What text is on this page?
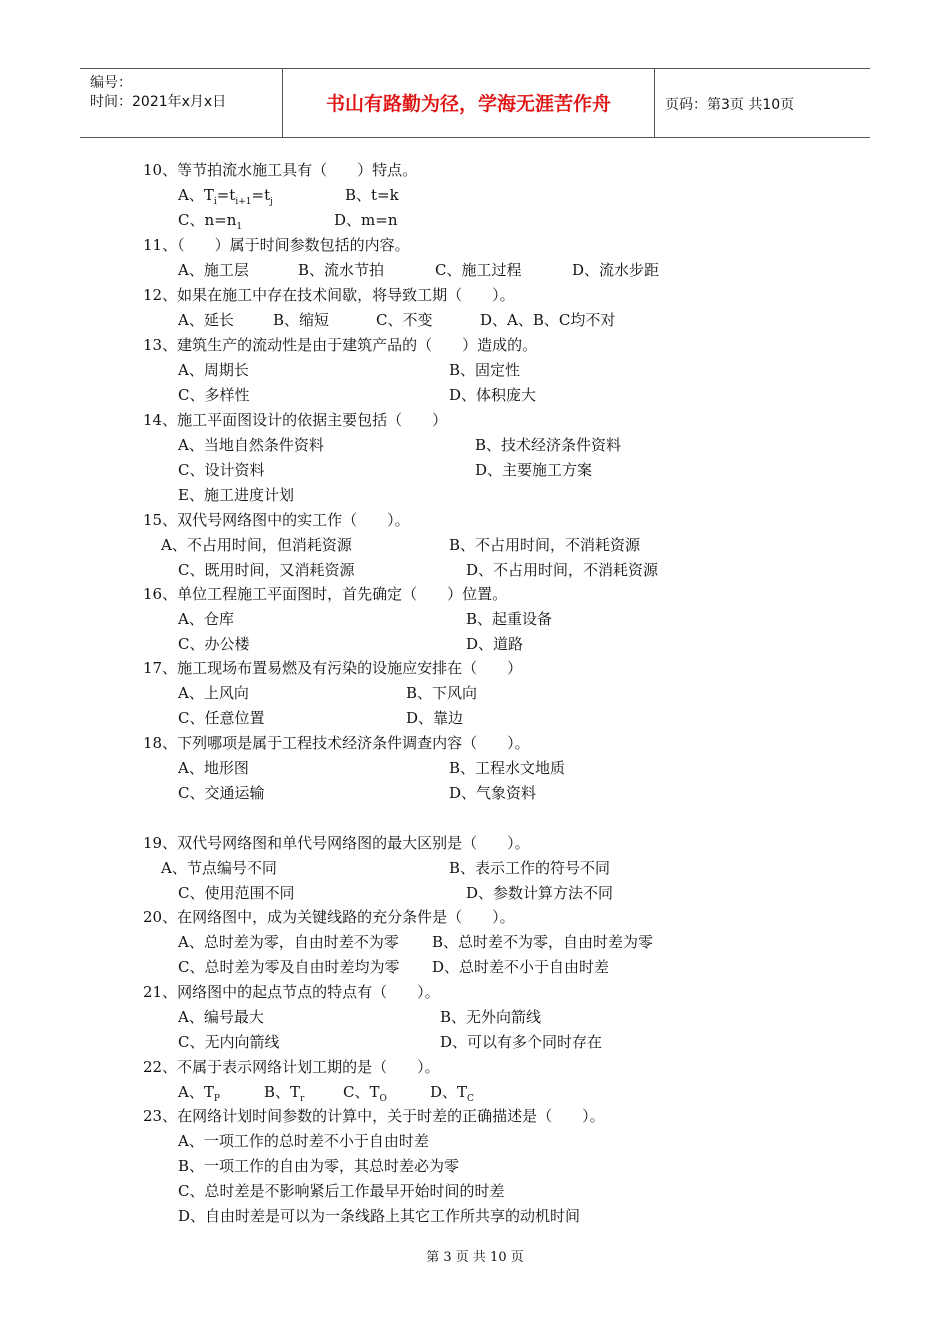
编号：
时间：2021年x月x日	书山有路勤为径，学海无涯苦作舟	页码：第3页 共10页
10、等节拍流水施工具有（　　）特点。
A、$T_i=t_{i+1}=t_j$	B、t=k
C、$n=n_1$	D、m=n
11、（　　）属于时间参数包括的内容。
A、施工层	B、流水节拍	C、施工过程	D、流水步距
12、如果在施工中存在技术间歇，将导致工期（　　）。
A、延长	B、缩短	C、不变	D、A、B、C均不对
13、建筑生产的流动性是由于建筑产品的（　　）造成的。
A、周期长	B、固定性
C、多样性	D、体积庞大
14、施工平面图设计的依据主要包括（　　）
A、当地自然条件资料	B、技术经济条件资料
C、设计资料	D、主要施工方案
E、施工进度计划
15、双代号网络图中的实工作（　　）。
A、不占用时间，但消耗资源	B、不占用时间，不消耗资源
C、既用时间，又消耗资源	D、不占用时间，不消耗资源
16、单位工程施工平面图时，首先确定（　　）位置。
A、仓库	B、起重设备
C、办公楼	D、道路
17、施工现场布置易燃及有污染的设施应安排在（　　）
A、上风向	B、下风向
C、任意位置	D、靠边
18、下列哪项是属于工程技术经济条件调查内容（　　）。
A、地形图	B、工程水文地质
C、交通运输	D、气象资料
19、双代号网络图和单代号网络图的最大区别是（　　）。
A、节点编号不同	B、表示工作的符号不同
C、使用范围不同	D、参数计算方法不同
20、在网络图中，成为关键线路的充分条件是（　　）。
A、总时差为零，自由时差不为零 B、总时差不为零，自由时差为零
C、总时差为零及自由时差均为零 D、总时差不小于自由时差
21、网络图中的起点节点的特点有（　　）。
A、编号最大	B、无外向箭线
C、无内向箭线	D、可以有多个同时存在
22、不属于表示网络计划工期的是（　　）。
A、$T_P$	B、$T_r$	C、$T_O$	D、$T_C$
23、在网络计划时间参数的计算中，关于时差的正确描述是（　　）。
A、一项工作的总时差不小于自由时差
B、一项工作的自由为零，其总时差必为零
C、总时差是不影响紧后工作最早开始时间的时差
D、自由时差是可以为一条线路上其它工作所共享的动机时间
第 3 页 共 10 页
